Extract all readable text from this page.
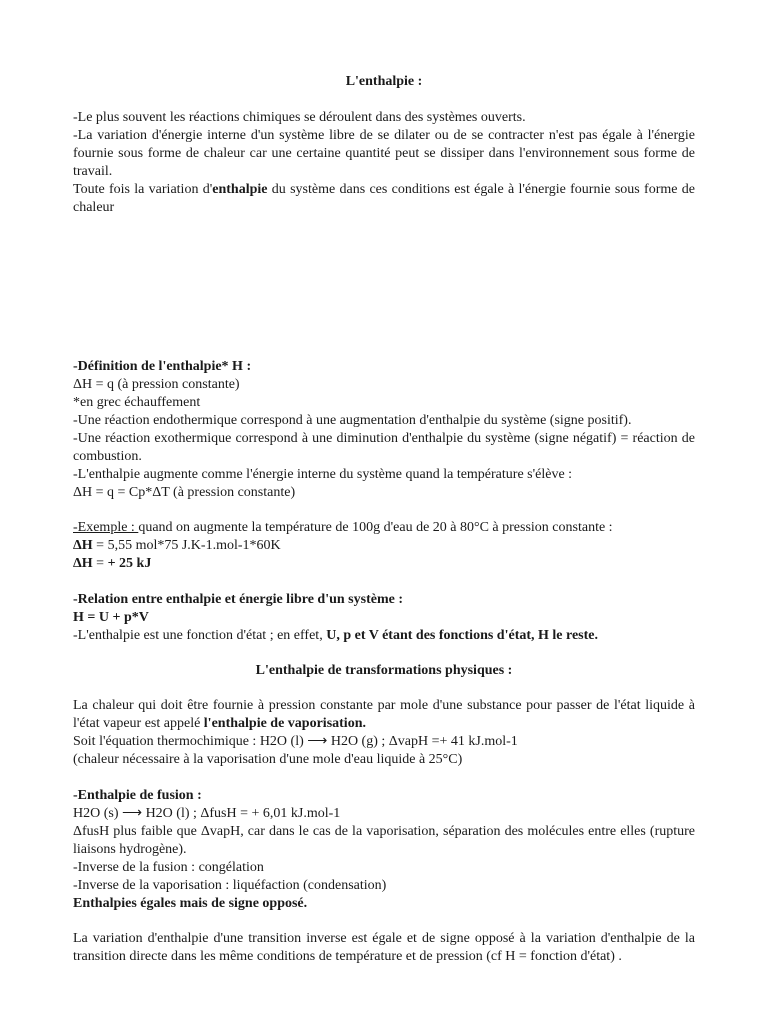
L'enthalpie :
-Le plus souvent les réactions chimiques se déroulent dans des systèmes ouverts.
-La variation d'énergie interne d'un système libre de se dilater ou de se contracter n'est pas égale à l'énergie fournie sous forme de chaleur car une certaine quantité peut se dissiper dans l'environnement sous forme de travail.
Toute fois la variation d'enthalpie du système dans ces conditions est égale à l'énergie fournie sous forme de chaleur
-Définition de l'enthalpie* H :
ΔH = q (à pression constante)
*en grec échauffement
-Une réaction endothermique correspond à une augmentation d'enthalpie du système (signe positif).
-Une réaction exothermique correspond à une diminution d'enthalpie du système (signe négatif) = réaction de combustion.
-L'enthalpie augmente comme l'énergie interne du système quand la température s'élève :
ΔH = q = Cp*ΔT (à pression constante)
-Exemple : quand on augmente la température de 100g d'eau de 20 à 80°C à pression constante :
ΔH = 5,55 mol*75 J.K-1.mol-1*60K
ΔH = + 25 kJ
-Relation entre enthalpie et énergie libre d'un système :
H = U + p*V
-L'enthalpie est une fonction d'état ; en effet, U, p et V étant des fonctions d'état, H le reste.
L'enthalpie de transformations physiques :
La chaleur qui doit être fournie à pression constante par mole d'une substance pour passer de l'état liquide à l'état vapeur est appelé l'enthalpie de vaporisation.
Soit l'équation thermochimique : H2O (l) ⟶ H2O (g) ; ΔvapH =+ 41 kJ.mol-1
(chaleur nécessaire à la vaporisation d'une mole d'eau liquide à 25°C)
-Enthalpie de fusion :
H2O (s) ⟶ H2O (l) ; ΔfusH = + 6,01 kJ.mol-1
ΔfusH plus faible que ΔvapH, car dans le cas de la vaporisation, séparation des molécules entre elles (rupture liaisons hydrogène).
-Inverse de la fusion : congélation
-Inverse de la vaporisation : liquéfaction (condensation)
Enthalpies égales mais de signe opposé.
La variation d'enthalpie d'une transition inverse est égale et de signe opposé à la variation d'enthalpie de la transition directe dans les même conditions de température et de pression (cf H = fonction d'état) .
